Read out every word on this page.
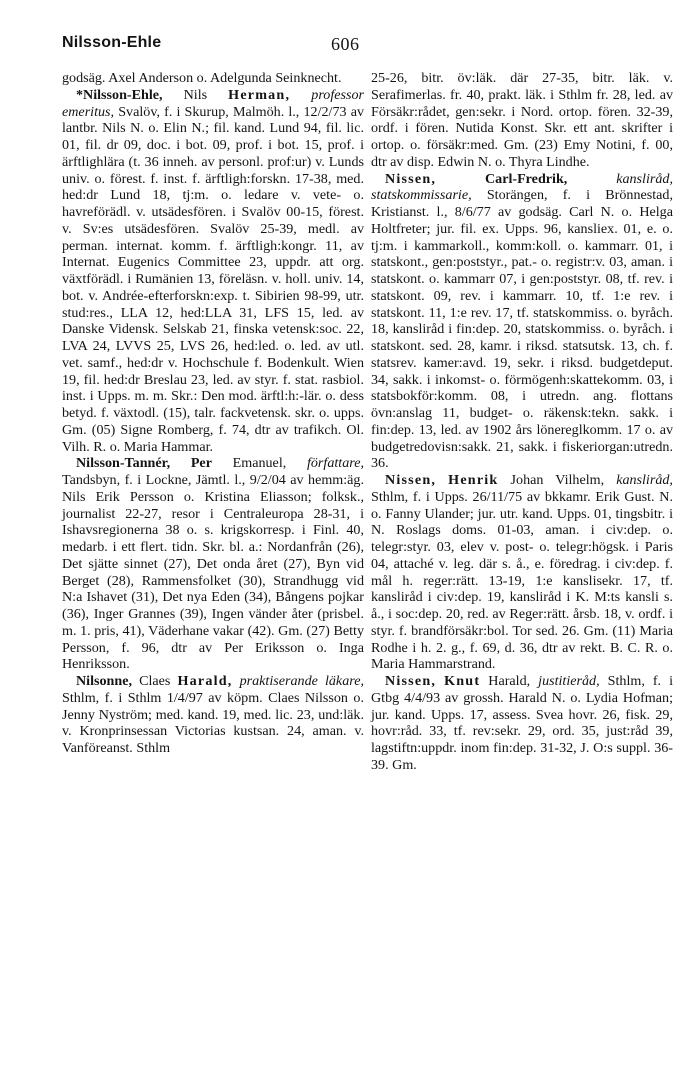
Nilsson-Ehle	606

godsäg. Axel Anderson o. Adelgunda Seinknecht.

*Nilsson-Ehle, Nils Herman, professor emeritus, Svalöv, f. i Skurup, Malmöh. l., 12/2/73 av lantbr. Nils N. o. Elin N.; fil. kand. Lund 94, fil. lic. 01, fil. dr 09, doc. i bot. 09, prof. i bot. 15, prof. i ärftlighlära (t. 36 inneh. av personl. prof:ur) v. Lunds univ. o. förest. f. inst. f. ärftligh:forskn. 17-38, med. hed:dr Lund 18, tj:m. o. ledare v. vete- o. havreförädl. v. utsädesfören. i Svalöv 00-15, förest. v. Sv:es utsädesfören. Svalöv 25-39, medl. av perman. internat. komm. f. ärftligh:kongr. 11, av Internat. Eugenics Committee 23, uppdr. att org. växtförädl. i Rumänien 13, föreläsn. v. holl. univ. 14, bot. v. Andrée-efterforskn:exp. t. Sibirien 98-99, utr. stud:res., LLA 12, hed:LLA 31, LFS 15, led. av Danske Vidensk. Selskab 21, finska vetensk:soc. 22, LVA 24, LVVS 25, LVS 26, hed:led. o. led. av utl. vet. samf., hed:dr v. Hochschule f. Bodenkult. Wien 19, fil. hed:dr Breslau 23, led. av styr. f. stat. rasbiol. inst. i Upps. m. m. Skr.: Den mod. ärftl:h:-lär. o. dess betyd. f. växtodl. (15), talr. fackvetensk. skr. o. upps. Gm. (05) Signe Romberg, f. 74, dtr av trafikch. Ol. Vilh. R. o. Maria Hammar.

Nilsson-Tannér, Per Emanuel, författare, Tandsbyn, f. i Lockne, Jämtl. l., 9/2/04 av hemm:äg. Nils Erik Persson o. Kristina Eliasson; folksk., journalist 22-27, resor i Centraleuropa 28-31, i Ishavsregionerna 38 o. s. krigskorresp. i Finl. 40, medarb. i ett flert. tidn. Skr. bl. a.: Nordanfrån (26), Det sjätte sinnet (27), Det onda året (27), Byn vid Berget (28), Rammensfolket (30), Strandhugg vid N:a Ishavet (31), Det nya Eden (34), Bångens pojkar (36), Inger Grannes (39), Ingen vänder åter (prisbel. m. 1. pris, 41), Väderhane vakar (42). Gm. (27) Betty Persson, f. 96, dtr av Per Eriksson o. Inga Henriksson.

Nilsonne, Claes Harald, praktiserande läkare, Sthlm, f. i Sthlm 1/4/97 av köpm. Claes Nilsson o. Jenny Nyström; med. kand. 19, med. lic. 23, und:läk. v. Kronprinsessan Victorias kustsan. 24, aman. v. Vanföreanst. Sthlm

25-26, bitr. öv:läk. där 27-35, bitr. läk. v. Serafimerlas. fr. 40, prakt. läk. i Sthlm fr. 28, led. av Försäkr:rådet, gen:sekr. i Nord. ortop. fören. 32-39, ordf. i fören. Nutida Konst. Skr. ett ant. skrifter i ortop. o. försäkr:med. Gm. (23) Emy Notini, f. 00, dtr av disp. Edwin N. o. Thyra Lindhe.

Nissen,	Carl-Fredrik,	kansliråd, statskommissarie, Storängen, f. i Brönnestad, Kristianst. l., 8/6/77 av godsäg. Carl N. o. Helga Holtfreter; jur. fil. ex. Upps. 96, kansliex. 01, e. o. tj:m. i kammarkoll., komm:koll. o. kammarr. 01, i statskont., gen:poststyr., pat.- o. registr:v. 03, aman. i statskont. o. kammarr 07, i gen:poststyr. 08, tf. rev. i statskont. 09, rev. i kammarr. 10, tf. 1:e rev. i statskont. 11, 1:e rev. 17, tf. statskommiss. o. byråch. 18, kansliråd i fin:dep. 20, statskommiss. o. byråch. i statskont. sed. 28, kamr. i riksd. statsutsk. 13, ch. f. statsrev. kamer:avd. 19, sekr. i riksd. budgetdeput. 34, sakk. i inkomst- o. förmögenh:skattekomm. 03, i statsbokför:komm. 08, i utredn. ang. flottans övn:anslag 11, budget- o. räkensk:tekn. sakk. i fin:dep. 13, led. av 1902 års lönereglkomm. 17 o. av budgetredovisn:sakk. 21, sakk. i fiskeriorgan:utredn. 36.

Nissen, Henrik Johan Vilhelm, kansliråd, Sthlm, f. i Upps. 26/11/75 av bkkamr. Erik Gust. N. o. Fanny Ulander; jur. utr. kand. Upps. 01, tingsbitr. i N. Roslags doms. 01-03, aman. i civ:dep. o. telegr:styr. 03, elev v. post- o. telegr:högsk. i Paris 04, attaché v. leg. där s. å., e. föredrag. i civ:dep. f. mål h. reger:rätt. 13-19, 1:e kanslisekr. 17, tf. kansliråd i civ:dep. 19, kansliråd i K. M:ts kansli s. å., i soc:dep. 20, red. av Reger:rätt. årsb. 18, v. ordf. i styr. f. brandförsäkr:bol. Tor sed. 26. Gm. (11) Maria Rodhe i h. 2. g., f. 69, d. 36, dtr av rekt. B. C. R. o. Maria Hammarstrand.

Nissen, Knut Harald, justitieråd, Sthlm, f. i Gtbg 4/4/93 av grossh. Harald N. o. Lydia Hofman; jur. kand. Upps. 17, assess. Svea hovr. 26, fisk. 29, hovr:råd. 33, tf. rev:sekr. 29, ord. 35, just:råd 39, lagstiftn:uppdr. inom fin:dep. 31-32, J. O:s suppl. 36-39. Gm.
